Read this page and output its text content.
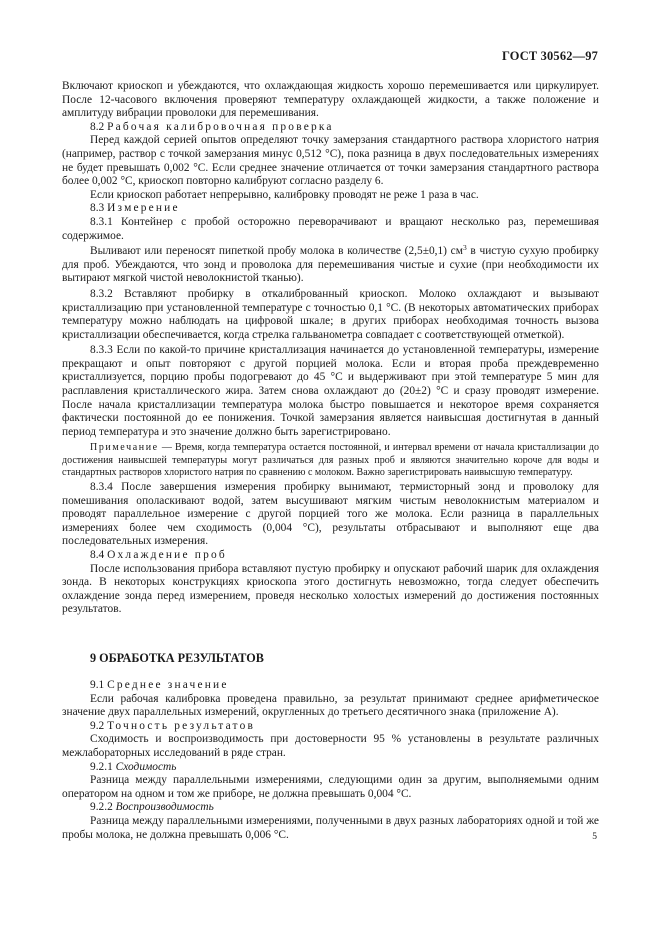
ГОСТ 30562—97

Включают криоскоп и убеждаются, что охлаждающая жидкость хорошо перемешивается или циркулирует. После 12-часового включения проверяют температуру охлаждающей жидкости, а также положение и амплитуду вибрации проволоки для перемешивания.

8.2 Рабочая калибровочная проверка

Перед каждой серией опытов определяют точку замерзания стандартного раствора хлористого натрия (например, раствор с точкой замерзания минус 0,512 °С), пока разница в двух последовательных измерениях не будет превышать 0,002 °С. Если среднее значение отличается от точки замерзания стандартного раствора более 0,002 °С, криоскоп повторно калибруют согласно разделу 6.

Если криоскоп работает непрерывно, калибровку проводят не реже 1 раза в час.

8.3 Измерение

8.3.1 Контейнер с пробой осторожно переворачивают и вращают несколько раз, перемешивая содержимое.

Выливают или переносят пипеткой пробу молока в количестве (2,5±0,1) $см^3$ в чистую сухую пробирку для проб. Убеждаются, что зонд и проволока для перемешивания чистые и сухие (при необходимости их вытирают мягкой чистой неволокнистой тканью).

8.3.2 Вставляют пробирку в откалиброванный криоскоп. Молоко охлаждают и вызывают кристаллизацию при установленной температуре с точностью 0,1 °С. (В некоторых автоматических приборах температуру можно наблюдать на цифровой шкале; в других приборах необходимая точность вызова кристаллизации обеспечивается, когда стрелка гальванометра совпадает с соответствующей отметкой).

8.3.3 Если по какой-то причине кристаллизация начинается до установленной температуры, измерение прекращают и опыт повторяют с другой порцией молока. Если и вторая проба преждевременно кристаллизуется, порцию пробы подогревают до 45 °С и выдерживают при этой температуре 5 мин для расплавления кристаллического жира. Затем снова охлаждают до (20±2) °С и сразу проводят измерение. После начала кристаллизации температура молока быстро повышается и некоторое время сохраняется фактически постоянной до ее понижения. Точкой замерзания является наивысшая достигнутая в данный период температура и это значение должно быть зарегистрировано.

Примечание — Время, когда температура остается постоянной, и интервал времени от начала кристаллизации до достижения наивысшей температуры могут различаться для разных проб и являются значительно короче для воды и стандартных растворов хлористого натрия по сравнению с молоком. Важно зарегистрировать наивысшую температуру.

8.3.4 После завершения измерения пробирку вынимают, термисторный зонд и проволоку для помешивания ополаскивают водой, затем высушивают мягким чистым неволокнистым материалом и проводят параллельное измерение с другой порцией того же молока. Если разница в параллельных измерениях более чем сходимость (0,004 °С), результаты отбрасывают и выполняют еще два последовательных измерения.

8.4 Охлаждение проб

После использования прибора вставляют пустую пробирку и опускают рабочий шарик для охлаждения зонда. В некоторых конструкциях криоскопа этого достигнуть невозможно, тогда следует обеспечить охлаждение зонда перед измерением, проведя несколько холостых измерений до достижения постоянных результатов.

9 ОБРАБОТКА РЕЗУЛЬТАТОВ

9.1 Среднее значение

Если рабочая калибровка проведена правильно, за результат принимают среднее арифметическое значение двух параллельных измерений, округленных до третьего десятичного знака (приложение А).

9.2 Точность результатов

Сходимость и воспроизводимость при достоверности 95 % установлены в результате различных межлабораторных исследований в ряде стран.

9.2.1 Сходимость

Разница между параллельными измерениями, следующими один за другим, выполняемыми одним оператором на одном и том же приборе, не должна превышать 0,004 °С.

9.2.2 Воспроизводимость

Разница между параллельными измерениями, полученными в двух разных лабораториях одной и той же пробы молока, не должна превышать 0,006 °С.	5
